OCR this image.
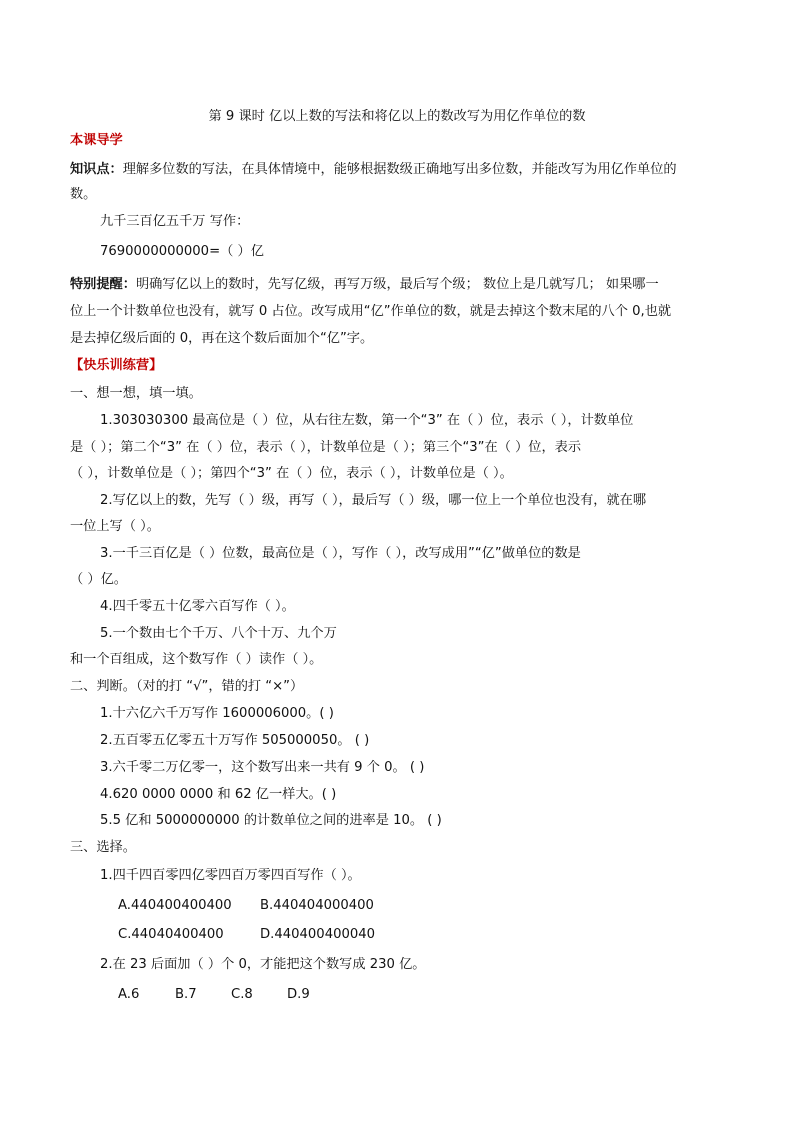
第 9 课时 亿以上数的写法和将亿以上的数改写为用亿作单位的数
本课导学
知识点：理解多位数的写法，在具体情境中，能够根据数级正确地写出多位数，并能改写为用亿作单位的
数。
九千三百亿五千万 写作：
7690000000000=（ ）亿
特别提醒：明确写亿以上的数时，先写亿级，再写万级，最后写个级； 数位上是几就写几； 如果哪一
位上一个计数单位也没有，就写 0 占位。改写成用“亿”作单位的数，就是去掉这个数末尾的八个 0,也就
是去掉亿级后面的 0，再在这个数后面加个“亿”字。
【快乐训练营】
一、想一想，填一填。
1.303030300 最高位是（ ）位，从右往左数，第一个“3” 在（ ）位，表示（ ），计数单位
是（ ）；第二个“3” 在（ ）位，表示（ ），计数单位是（ ）；第三个“3”在（ ）位，表示
（ ），计数单位是（ ）；第四个“3” 在（ ）位，表示（ ），计数单位是（ ）。
2.写亿以上的数，先写（ ）级，再写（ ），最后写（ ）级，哪一位上一个单位也没有，就在哪
一位上写（ ）。
3.一千三百亿是（ ）位数，最高位是（ ），写作（ ），改写成用”“亿”做单位的数是
（ ）亿。
4.四千零五十亿零六百写作（ ）。
5.一个数由七个千万、八个十万、九个万
和一个百组成，这个数写作（ ）读作（ ）。
二、判断。（对的打 “√”，错的打 “×”）
1.十六亿六千万写作 1600006000。( )
2.五百零五亿零五十万写作 505000050。 ( )
3.六千零二万亿零一，这个数写出来一共有 9 个 0。 ( )
4.620 0000 0000 和 62 亿一样大。( )
5.5 亿和 5000000000 的计数单位之间的进率是 10。 ( )
三、选择。
1.四千四百零四亿零四百万零四百写作（ ）。
A.440400400400	B.440404000400
C.44040400400	D.440400400040
2.在 23 后面加（ ）个 0，才能把这个数写成 230 亿。
A.6	B.7	C.8	D.9
